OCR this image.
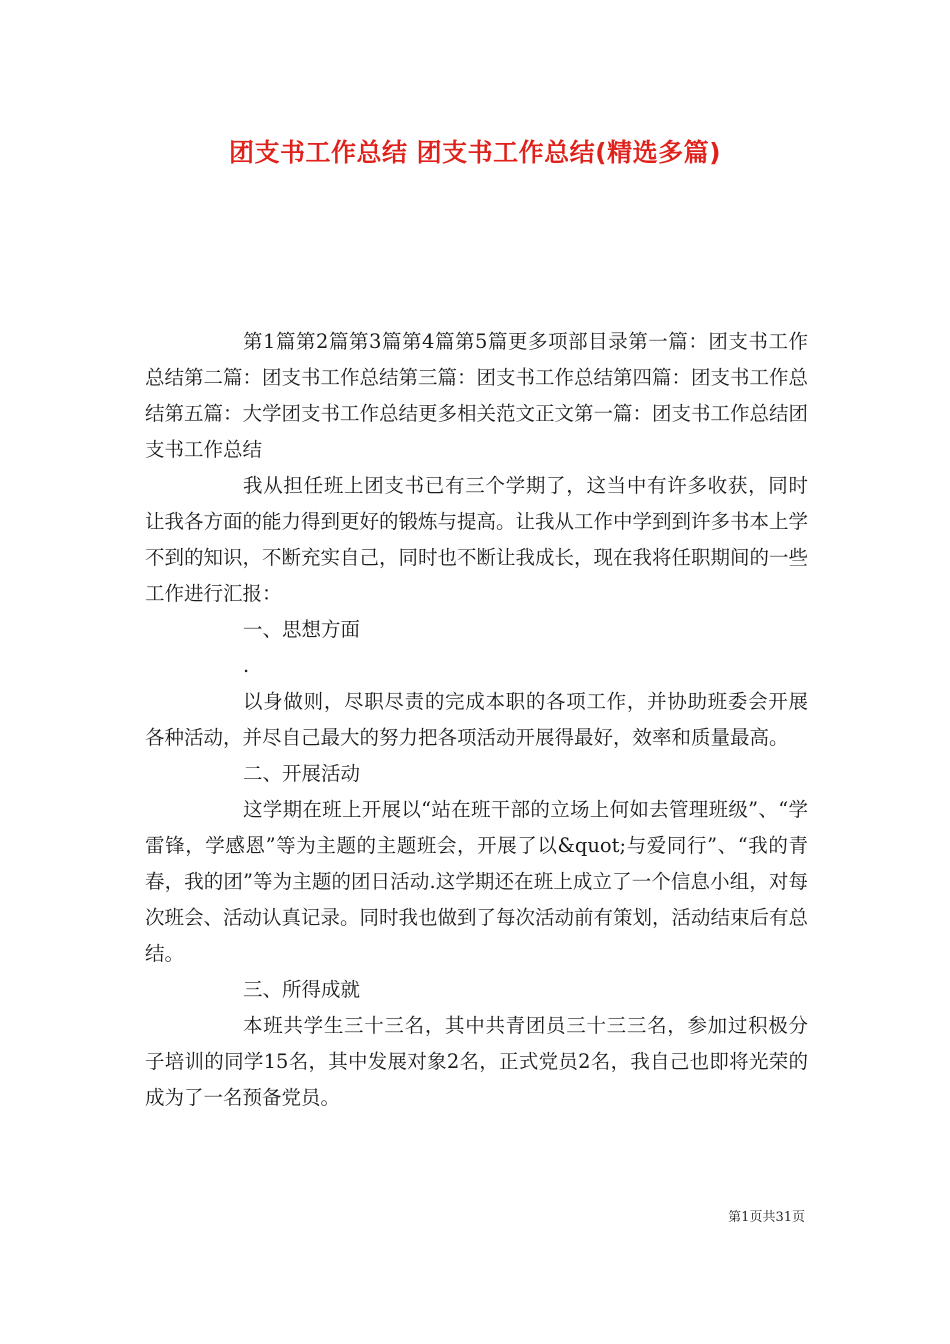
团支书工作总结 团支书工作总结(精选多篇)

第1篇第2篇第3篇第4篇第5篇更多项部目录第一篇：团支书工作总结第二篇：团支书工作总结第三篇：团支书工作总结第四篇：团支书工作总结第五篇：大学团支书工作总结更多相关范文正文第一篇：团支书工作总结团支书工作总结

我从担任班上团支书已有三个学期了，这当中有许多收获，同时让我各方面的能力得到更好的锻炼与提高。让我从工作中学到到许多书本上学不到的知识，不断充实自己，同时也不断让我成长，现在我将任职期间的一些工作进行汇报：

一、思想方面

.

以身做则，尽职尽责的完成本职的各项工作，并协助班委会开展各种活动，并尽自己最大的努力把各项活动开展得最好，效率和质量最高。

二、开展活动

这学期在班上开展以“站在班干部的立场上何如去管理班级”、“学雷锋，学感恩”等为主题的主题班会，开展了以&quot;与爱同行”、“我的青春，我的团”等为主题的团日活动.这学期还在班上成立了一个信息小组，对每次班会、活动认真记录。同时我也做到了每次活动前有策划，活动结束后有总结。

三、所得成就

本班共学生三十三名，其中共青团员三十三三名，参加过积极分子培训的同学15名，其中发展对象2名，正式党员2名，我自己也即将光荣的成为了一名预备党员。

第1页共31页
